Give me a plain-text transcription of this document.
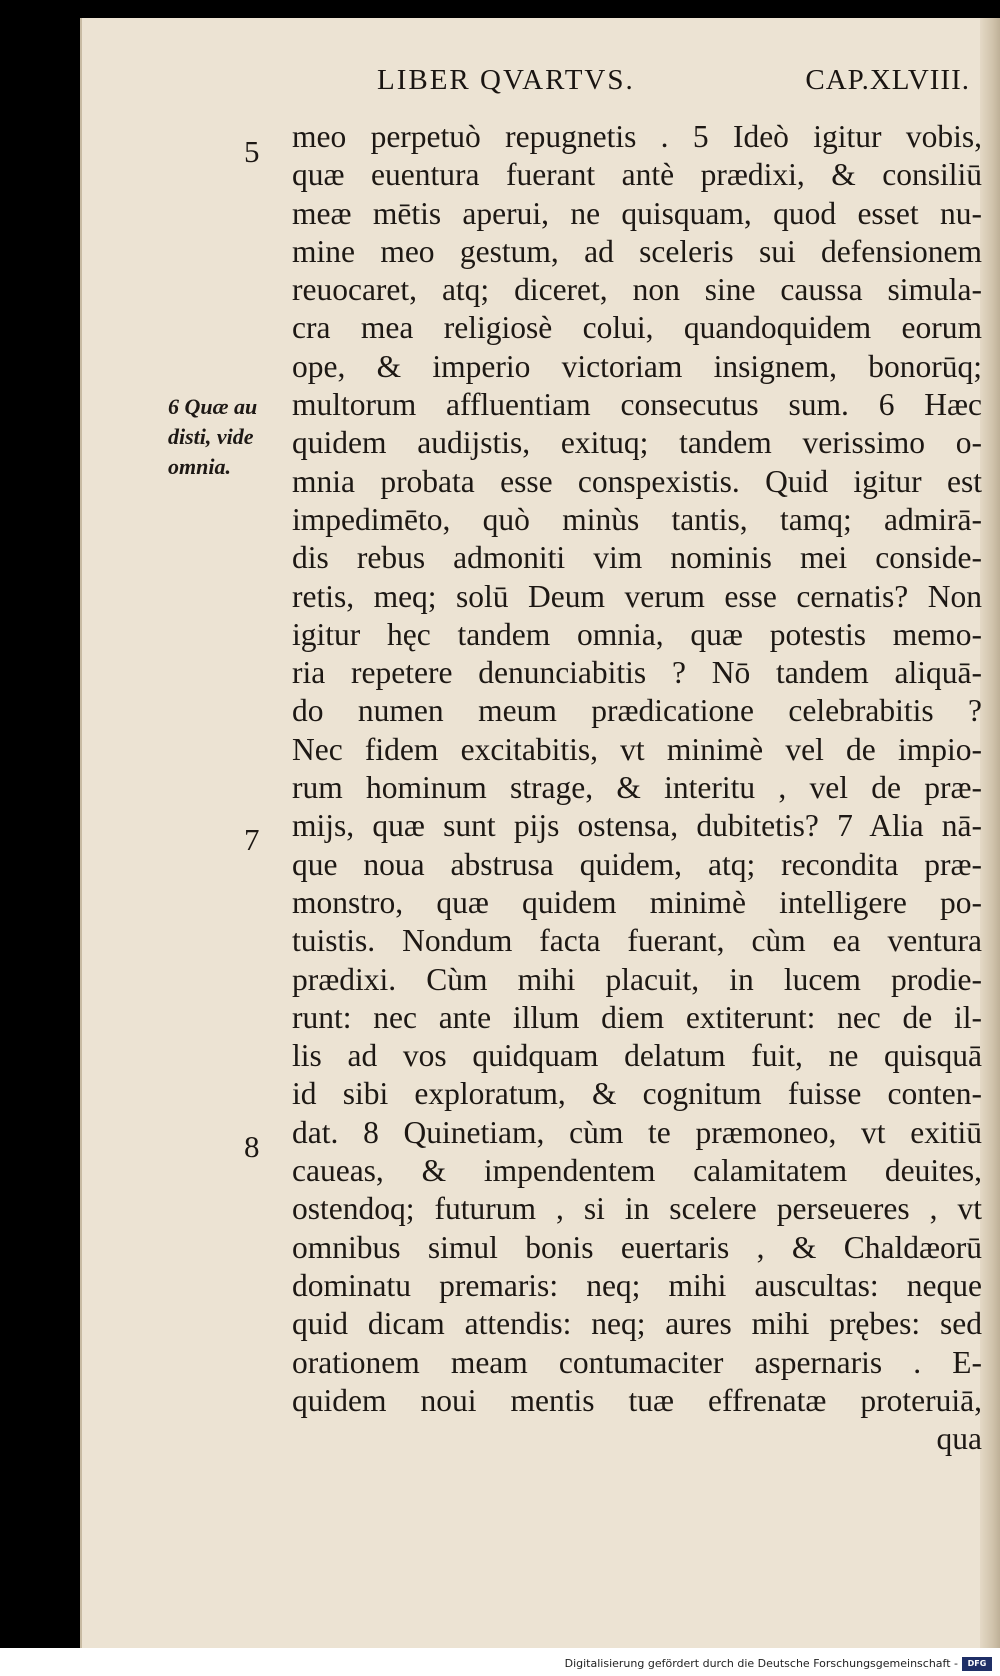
LIBER QVARTVS.	CAP.XLVIII.
6 Quæ au
disti, vide
omnia.
5
7
8
meo perpetuò repugnetis . 5 Ideò igitur vobis,
quæ euentura fuerant antè prædixi, & consiliū
meæ mētis aperui, ne quisquam, quod esset nu-
mine meo gestum, ad sceleris sui defensionem
reuocaret, atq; diceret, non sine caussa simula-
cra mea religiosè colui, quandoquidem eorum
ope, & imperio victoriam insignem, bonorūq;
multorum affluentiam consecutus sum. 6 Hæc
quidem audijstis, exituq; tandem verissimo o-
mnia probata esse conspexistis. Quid igitur est
impedimēto, quò minùs tantis, tamq; admirā-
dis rebus admoniti vim nominis mei conside-
retis, meq; solū Deum verum esse cernatis? Non
igitur hęc tandem omnia, quæ potestis memo-
ria repetere denunciabitis ? Nō tandem aliquā-
do numen meum prædicatione celebrabitis ?
Nec fidem excitabitis, vt minimè vel de impio-
rum hominum strage, & interitu , vel de præ-
mijs, quæ sunt pijs ostensa, dubitetis? 7 Alia nā-
que noua abstrusa quidem, atq; recondita præ-
monstro, quæ quidem minimè intelligere po-
tuistis. Nondum facta fuerant, cùm ea ventura
prædixi. Cùm mihi placuit, in lucem prodie-
runt: nec ante illum diem extiterunt: nec de il-
lis ad vos quidquam delatum fuit, ne quisquā
id sibi exploratum, & cognitum fuisse conten-
dat. 8 Quinetiam, cùm te præmoneo, vt exitiū
caueas, & impendentem calamitatem deuites,
ostendoq; futurum , si in scelere perseueres , vt
omnibus simul bonis euertaris , & Chaldæorū
dominatu premaris: neq; mihi auscultas: neque
quid dicam attendis: neq; aures mihi prębes: sed
orationem meam contumaciter aspernaris . E-
quidem noui mentis tuæ effrenatæ proteruiā,
qua
Digitalisierung gefördert durch die Deutsche Forschungsgemeinschaft -	DFG
